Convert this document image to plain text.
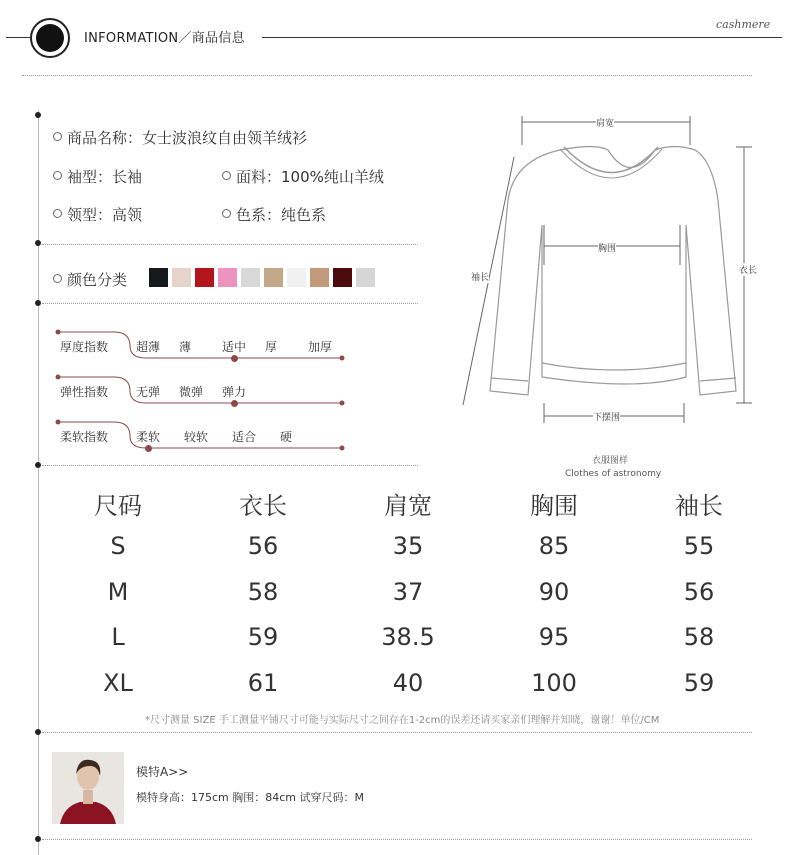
INFORMATION／商品信息
cashmere
商品名称：女士波浪纹自由领羊绒衫
袖型：长袖	面料：100%纯山羊绒
领型：高领	色系：纯色系
颜色分类
厚度指数 超薄 薄	适中 厚	加厚
弹性指数 无弹 微弹 弹力
柔软指数 柔软 较软 适合 硬
肩宽
胸围
袖长
衣长
下摆围
衣服图样
Clothes of astronomy
尺码	衣长	肩宽	胸围	袖长
S	56	35	85	55
M	58	37	90	56
L	59	38.5	95	58
XL	61	40	100	59
*尺寸测量 SIZE 手工测量平铺尺寸可能与实际尺寸之间存在1-2cm的误差还请买家亲们理解并知晓，谢谢！单位/CM
模特A>>
模特身高：175cm 胸围：84cm 试穿尺码：M
